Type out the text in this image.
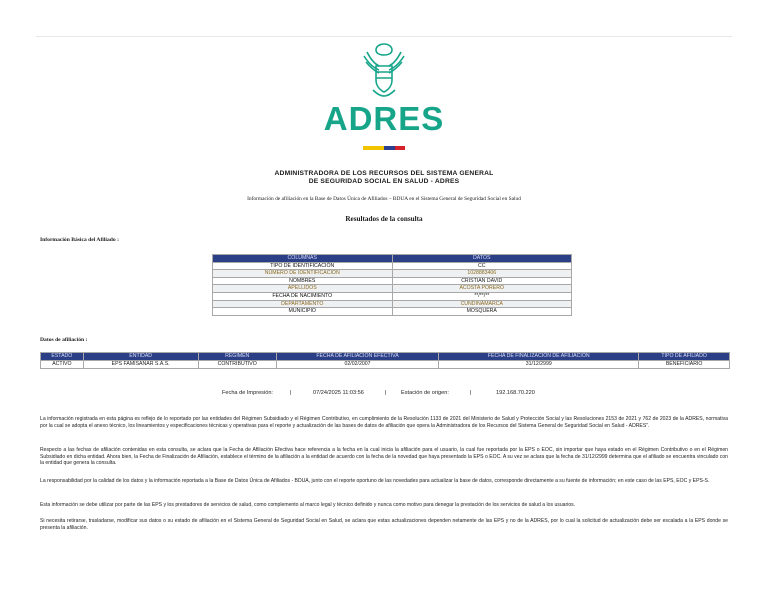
ADRES
ADMINISTRADORA DE LOS RECURSOS DEL SISTEMA GENERAL
DE SEGURIDAD SOCIAL EN SALUD - ADRES
Información de afiliación en la Base de Datos Única de Afiliados – BDUA en el Sistema General de Seguridad Social en Salud
Resultados de la consulta
Información Básica del Afiliado :
COLUMNAS	DATOS
TIPO DE IDENTIFICACIÓN	CC
NÚMERO DE IDENTIFICACION	1028883406
NOMBRES	CRISTIAN DAVID
APELLIDOS	ACOSTA PORERO
FECHA DE NACIMIENTO	**/**/**
DEPARTAMENTO	CUNDINAMARCA
MUNICIPIO	MOSQUERA
Datos de afiliación :
ESTADO	ENTIDAD	REGIMEN	FECHA DE AFILIACIÓN EFECTIVA	FECHA DE FINALIZACIÓN DE AFILIACIÓN	TIPO DE AFILIADO
ACTIVO	EPS FAMISANAR S.A.S.	CONTRIBUTIVO	02/02/2007	31/12/2999	BENEFICIARIO
Fecha de Impresión:	|	07/24/2025 11:03:56	|	Estación de origen:	|	192.168.70.220
La información registrada en esta página es reflejo de lo reportado por las entidades del Régimen Subsidiado y el Régimen Contributivo, en cumplimiento de la Resolución 1133 de 2021 del Ministerio de Salud y Protección Social y las Resoluciones 2153 de 2021 y 762 de 2023 de la ADRES, normativa por la cual se adopta el anexo técnico, los lineamientos y especificaciones técnicas y operativas para el reporte y actualización de las bases de datos de afiliación que opera la Administradora de los Recursos del Sistema General de Seguridad Social en Salud - ADRES".
Respecto a las fechas de afiliación contenidas en esta consulta, se aclara que la Fecha de Afiliación Efectiva hace referencia a la fecha en la cual inicia la afiliación para el usuario, la cual fue reportada por la EPS o EOC, sin importar que haya estado en el Régimen Contributivo o en el Régimen Subsidiado en dicha entidad. Ahora bien, la Fecha de Finalización de Afiliación, establece el término de la afiliación a la entidad de acuerdo con la fecha de la novedad que haya presentado la EPS o EOC. A su vez se aclara que la fecha de 31/12/2999 determina que el afiliado se encuentra vinculado con la entidad que genera la consulta.
La responsabilidad por la calidad de los datos y la información reportada a la Base de Datos Única de Afiliados - BDUA, junto con el reporte oportuno de las novedades para actualizar la base de datos, corresponde directamente a su fuente de información; en este caso de las EPS, EOC y EPS-S.
Esta información se debe utilizar por parte de las EPS y los prestadores de servicios de salud, como complemento al marco legal y técnico definido y nunca como motivo para denegar la prestación de los servicios de salud a los usuarios.
Si necesita retirarse, trasladarse, modificar sus datos o su estado de afiliación en el Sistema General de Seguridad Social en Salud, se aclara que estas actualizaciones dependen netamente de las EPS y no de la ADRES, por lo cual la solicitud de actualización debe ser escalada a la EPS donde se presenta la afiliación.
